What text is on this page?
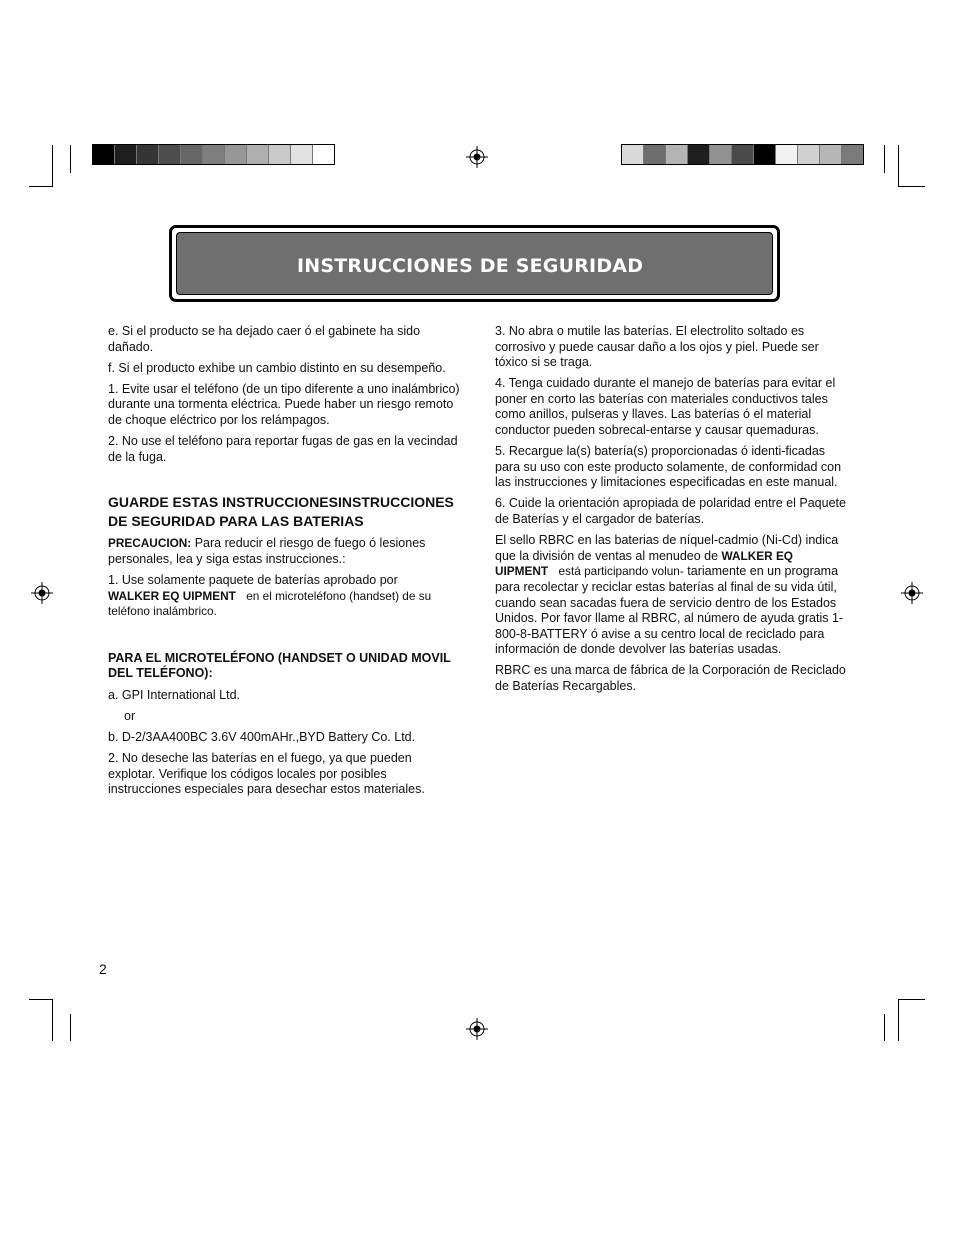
INSTRUCCIONES DE SEGURIDAD

e. Si el producto se ha dejado caer ó el gabinete ha sido dañado.

f. Si el producto exhibe un cambio distinto en su desempeño.

1. Evite usar el teléfono (de un tipo diferente a uno inalámbrico) durante una tormenta eléctrica. Puede haber un riesgo remoto de choque eléctrico por los relámpagos.

2. No use el teléfono para reportar fugas de gas en la vecindad de la fuga.

GUARDE ESTAS INSTRUCCIONESINSTRUCCIONES DE SEGURIDAD PARA LAS BATERIAS

PRECAUCION: Para reducir el riesgo de fuego ó lesiones personales, lea y siga estas instrucciones.:

1. Use solamente paquete de baterías aprobado por
WALKER EQ UIPMENT en el microteléfono (handset) de su teléfono inalámbrico.

PARA EL MICROTELÉFONO (HANDSET O UNIDAD MOVIL DEL TELÉFONO):

a. GPI International Ltd.

or

b. D-2/3AA400BC 3.6V 400mAHr.,BYD Battery Co. Ltd.

2. No deseche las baterías en el fuego, ya que pueden explotar. Verifique los códigos locales por posibles instrucciones especiales para desechar estos materiales.

3. No abra o mutile las baterías. El electrolito soltado es corrosivo y puede causar daño a los ojos y piel. Puede ser tóxico si se traga.

4. Tenga cuidado durante el manejo de baterías para evitar el poner en corto las baterías con materiales conductivos tales como anillos, pulseras y llaves. Las baterías ó el material conductor pueden sobrecal-entarse y causar quemaduras.

5. Recargue la(s) batería(s) proporcionadas ó identi-ficadas para su uso con este producto solamente, de conformidad con las instrucciones y limitaciones especificadas en este manual.

6. Cuide la orientación apropiada de polaridad entre el Paquete de Baterías y el cargador de baterías.

El sello RBRC en las baterias de níquel-cadmio (Ni-Cd) indica que la división de ventas al menudeo de WALKER EQ UIPMENT está participando volun- tariamente en un programa para recolectar y reciclar estas baterías al final de su vida útil, cuando sean sacadas fuera de servicio dentro de los Estados Unidos. Por favor llame al RBRC, al número de ayuda gratis 1-800-8-BATTERY ó avise a su centro local de reciclado para información de donde devolver las baterías usadas.

RBRC es una marca de fábrica de la Corporación de Reciclado de Baterías Recargables.

2
